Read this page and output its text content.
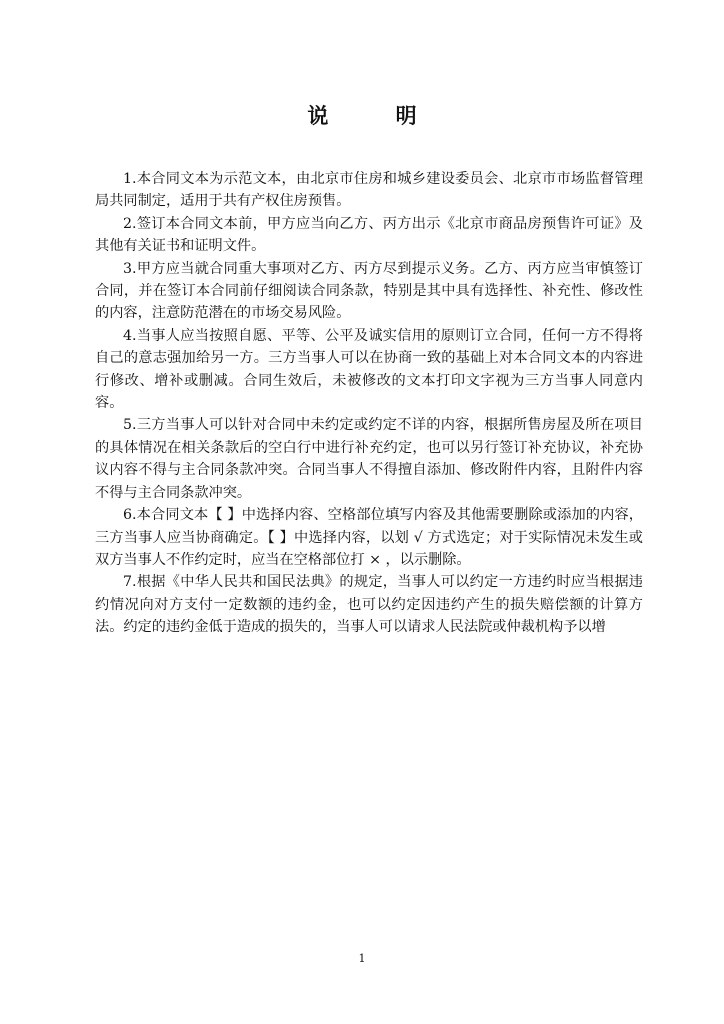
说 明

1.本合同文本为示范文本，由北京市住房和城乡建设委员会、北京市市场监督管理局共同制定，适用于共有产权住房预售。

2.签订本合同文本前，甲方应当向乙方、丙方出示《北京市商品房预售许可证》及其他有关证书和证明文件。

3.甲方应当就合同重大事项对乙方、丙方尽到提示义务。乙方、丙方应当审慎签订合同，并在签订本合同前仔细阅读合同条款，特别是其中具有选择性、补充性、修改性的内容，注意防范潜在的市场交易风险。

4.当事人应当按照自愿、平等、公平及诚实信用的原则订立合同，任何一方不得将自己的意志强加给另一方。三方当事人可以在协商一致的基础上对本合同文本的内容进行修改、增补或删减。合同生效后，未被修改的文本打印文字视为三方当事人同意内容。

5.三方当事人可以针对合同中未约定或约定不详的内容，根据所售房屋及所在项目的具体情况在相关条款后的空白行中进行补充约定，也可以另行签订补充协议，补充协议内容不得与主合同条款冲突。合同当事人不得擅自添加、修改附件内容，且附件内容不得与主合同条款冲突。

6.本合同文本【 】中选择内容、空格部位填写内容及其他需要删除或添加的内容，三方当事人应当协商确定。【 】中选择内容，以划 √ 方式选定；对于实际情况未发生或双方当事人不作约定时，应当在空格部位打 × ，以示删除。

7.根据《中华人民共和国民法典》的规定，当事人可以约定一方违约时应当根据违约情况向对方支付一定数额的违约金，也可以约定因违约产生的损失赔偿额的计算方法。约定的违约金低于造成的损失的，当事人可以请求人民法院或仲裁机构予以增

1
